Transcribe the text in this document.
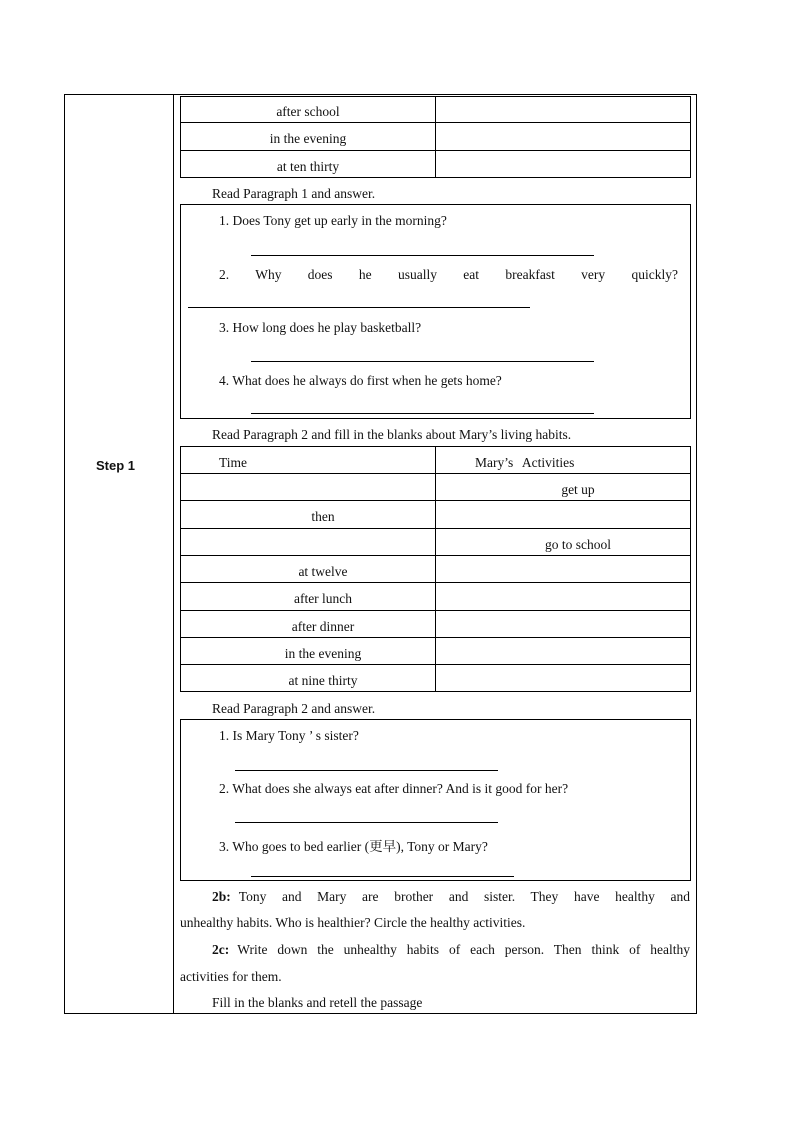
Step 1
after school
in the evening
at ten thirty
Read Paragraph 1 and answer.
1. Does Tony get up early in the morning?
2. Why does he usually eat breakfast very quickly?
3. How long does he play basketball?
4. What does he always do first when he gets home?
Read Paragraph 2 and fill in the blanks about Mary’s living habits.
Time	Mary’s Activities
get up
then
go to school
at twelve
after lunch
after dinner
in the evening
at nine thirty
Read Paragraph 2 and answer.
1. Is Mary Tony ’ s sister?
2. What does she always eat after dinner? And is it good for her?
3. Who goes to bed earlier (更早), Tony or Mary?
2b: Tony and Mary are brother and sister. They have healthy and
unhealthy habits. Who is healthier? Circle the healthy activities.
2c: Write down the unhealthy habits of each person. Then think of healthy
activities for them.
Fill in the blanks and retell the passage
